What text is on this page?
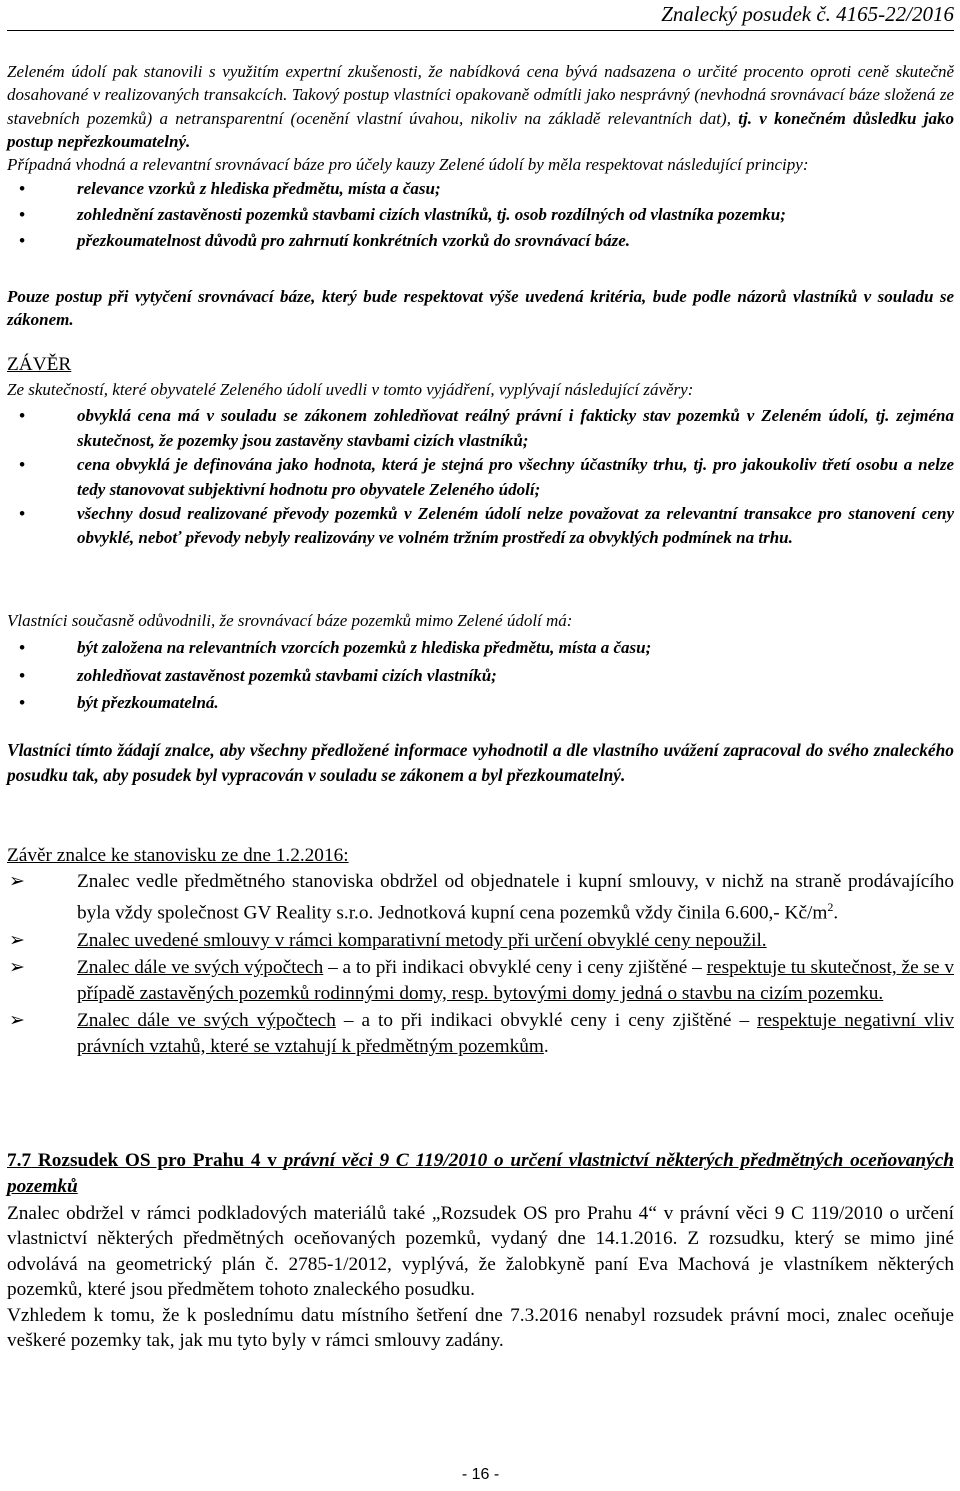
Znalecký posudek č. 4165-22/2016

Zeleném údolí pak stanovili s využitím expertní zkušenosti, že nabídková cena bývá nadsazena o určité procento oproti ceně skutečně dosahované v realizovaných transakcích. Takový postup vlastníci opakovaně odmítli jako nesprávný (nevhodná srovnávací báze složená ze stavebních pozemků) a netransparentní (ocenění vlastní úvahou, nikoliv na základě relevantních dat), tj. v konečném důsledku jako postup nepřezkoumatelný.

Případná vhodná a relevantní srovnávací báze pro účely kauzy Zelené údolí by měla respektovat následující principy:

•	relevance vzorků z hlediska předmětu, místa a času;
•	zohlednění zastavěnosti pozemků stavbami cizích vlastníků, tj. osob rozdílných od vlastníka pozemku;
•	přezkoumatelnost důvodů pro zahrnutí konkrétních vzorků do srovnávací báze.

Pouze postup při vytyčení srovnávací báze, který bude respektovat výše uvedená kritéria, bude podle názorů vlastníků v souladu se zákonem.

ZÁVĚR

Ze skutečností, které obyvatelé Zeleného údolí uvedli v tomto vyjádření, vyplývají následující závěry:

•	obvyklá cena má v souladu se zákonem zohledňovat reálný právní i fakticky stav pozemků v Zeleném údolí, tj. zejména skutečnost, že pozemky jsou zastavěny stavbami cizích vlastníků;
•	cena obvyklá je definována jako hodnota, která je stejná pro všechny účastníky trhu, tj. pro jakoukoliv třetí osobu a nelze tedy stanovovat subjektivní hodnotu pro obyvatele Zeleného údolí;
•	všechny dosud realizované převody pozemků v Zeleném údolí nelze považovat za relevantní transakce pro stanovení ceny obvyklé, neboť převody nebyly realizovány ve volném tržním prostředí za obvyklých podmínek na trhu.

Vlastníci současně odůvodnili, že srovnávací báze pozemků mimo Zelené údolí má:

•	být založena na relevantních vzorcích pozemků z hlediska předmětu, místa a času;
•	zohledňovat zastavěnost pozemků stavbami cizích vlastníků;
•	být přezkoumatelná.

Vlastníci tímto žádají znalce, aby všechny předložené informace vyhodnotil a dle vlastního uvážení zapracoval do svého znaleckého posudku tak, aby posudek byl vypracován v souladu se zákonem a byl přezkoumatelný.

Závěr znalce ke stanovisku ze dne 1.2.2016:

➢	Znalec vedle předmětného stanoviska obdržel od objednatele i kupní smlouvy, v nichž na straně prodávajícího byla vždy společnost GV Reality s.r.o. Jednotková kupní cena pozemků vždy činila 6.600,- $Kč/m^2$.
➢	Znalec uvedené smlouvy v rámci komparativní metody při určení obvyklé ceny nepoužil.
➢	Znalec dále ve svých výpočtech – a to při indikaci obvyklé ceny i ceny zjištěné – respektuje tu skutečnost, že se v případě zastavěných pozemků rodinnými domy, resp. bytovými domy jedná o stavbu na cizím pozemku.
➢	Znalec dále ve svých výpočtech – a to při indikaci obvyklé ceny i ceny zjištěné – respektuje negativní vliv právních vztahů, které se vztahují k předmětným pozemkům.

7.7 Rozsudek OS pro Prahu 4 v právní věci 9 C 119/2010 o určení vlastnictví některých předmětných oceňovaných pozemků

Znalec obdržel v rámci podkladových materiálů také „Rozsudek OS pro Prahu 4“ v právní věci 9 C 119/2010 o určení vlastnictví některých předmětných oceňovaných pozemků, vydaný dne 14.1.2016. Z rozsudku, který se mimo jiné odvolává na geometrický plán č. 2785-1/2012, vyplývá, že žalobkyně paní Eva Machová je vlastníkem některých pozemků, které jsou předmětem tohoto znaleckého posudku.

Vzhledem k tomu, že k poslednímu datu místního šetření dne 7.3.2016 nenabyl rozsudek právní moci, znalec oceňuje veškeré pozemky tak, jak mu tyto byly v rámci smlouvy zadány.

- 16 -
